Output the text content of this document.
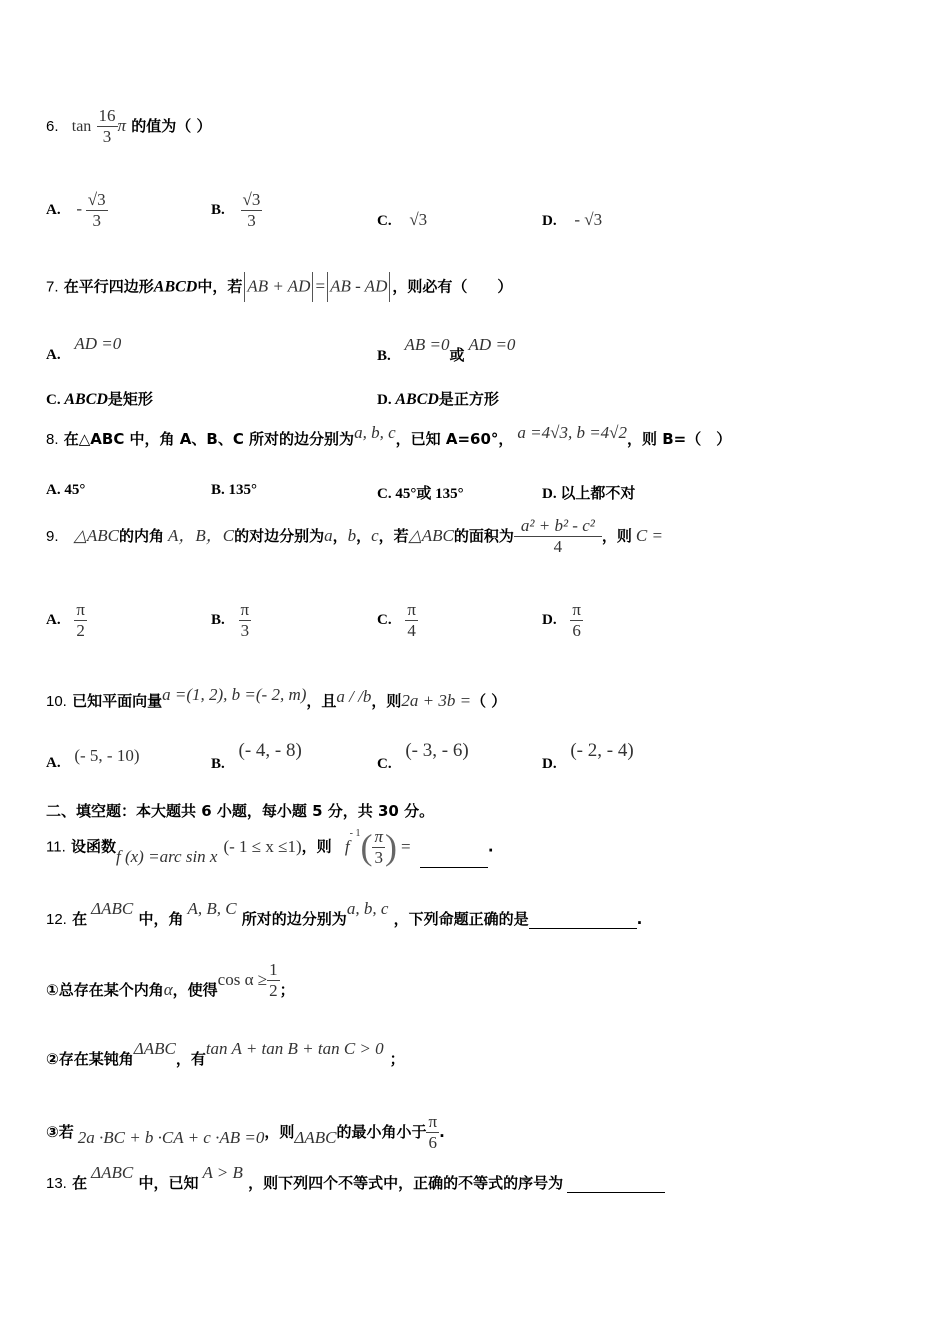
6. $\tan \frac{16}{3}$ π 的值为（ ）
A. - $\frac{√3}{3}$	B. $\frac{√3}{3}$	C. √3	D. - √3
7. 在平行四边形ABCD中，若 AB + AD = AB - AD ，则必有（　　）
A. AD =0
B. AB =0或AD =0
C. ABCD是矩形	D. ABCD是正方形
8. 在△ABC 中，角 A、B、C 所对的边分别为a, b, c，已知 A=60°， a =4√3, b =4√2，则 B=（　）
A. 45°	B. 135°	C. 45°或 135°	D. 以上都不对
9. △ABC的内角 A，B，C的对边分别为a，b，c，若△ABC的面积为 $\frac{\text{a² + b² - c²}}{4}$ ，则 C =
A. $\frac{\pi}{2}$	B. $\frac{\pi}{3}$	C. $\frac{\pi}{4}$	D. $\frac{\pi}{6}$
10. 已知平面向量a =(1, 2), b =(- 2, m)，且a / /b，则2a + 3b =（ ）
A. (- 5, - 10)	B. (- 4, - 8)
C. (- 3, - 6)
D. (- 2, - 4)
二、填空题：本大题共 6 小题，每小题 5 分，共 30 分。
11. 设函数f (x) =arc sin x(- 1 ≤ x ≤1)，则 $f^{- 1}( \frac{\pi}{3}$ ) =	.
12. 在ΔABC 中，角A, B, C 所对的边分别为a, b, c ，下列命题正确的是	.
①总存在某个内角α，使得$\cos \alpha \ge \frac{1}{2}$ ；
②存在某钝角ΔABC，有tan A + tan B + tan C > 0；
③若 2a ·BC + b ·CA + c ·AB =0，则ΔABC的最小角小于 $\frac{\pi}{6}$ .
13. 在ΔABC 中，已知A > B ，则下列四个不等式中，正确的不等式的序号为
